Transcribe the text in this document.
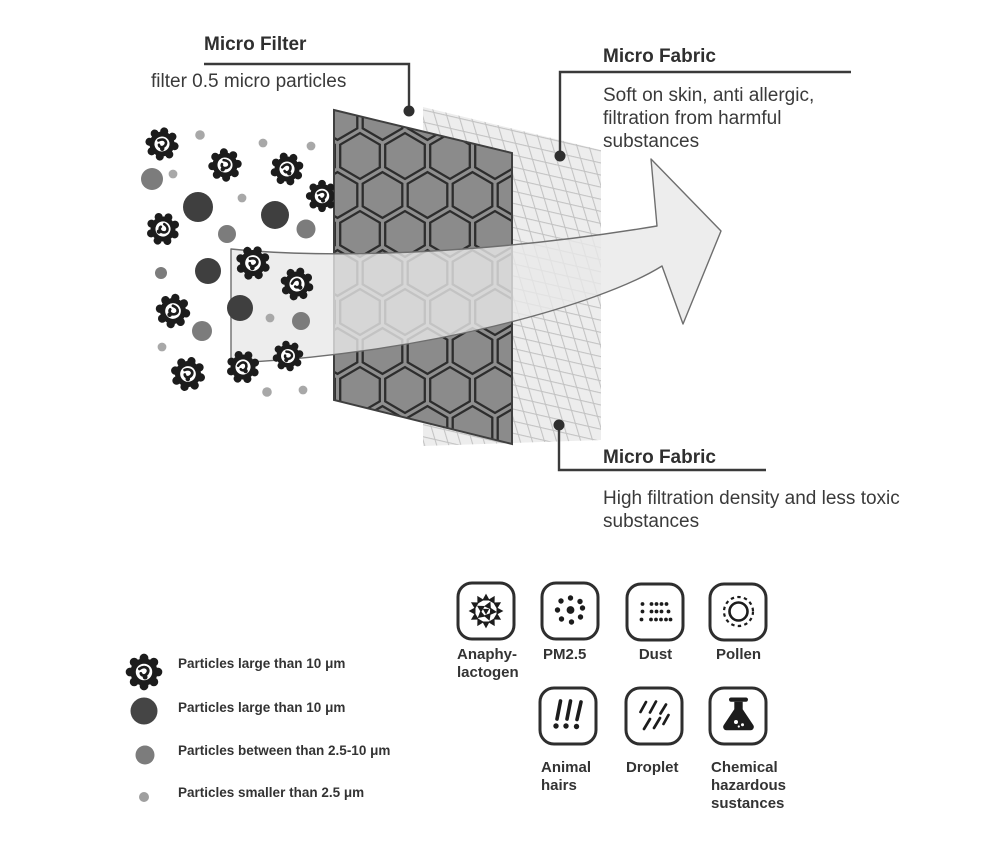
Micro Filter
filter 0.5 micro particles
Micro Fabric
Soft on skin, anti allergic, filtration from harmful substances
Micro Fabric
High filtration density and less toxic substances
Particles large than 10 μm
Particles large than 10 μm
Particles between than 2.5-10 μm
Particles smaller than 2.5 μm
Anaphy-lactogen
PM2.5	Dust	Pollen
Animal hairs
Droplet	Chemical hazardous sustances
